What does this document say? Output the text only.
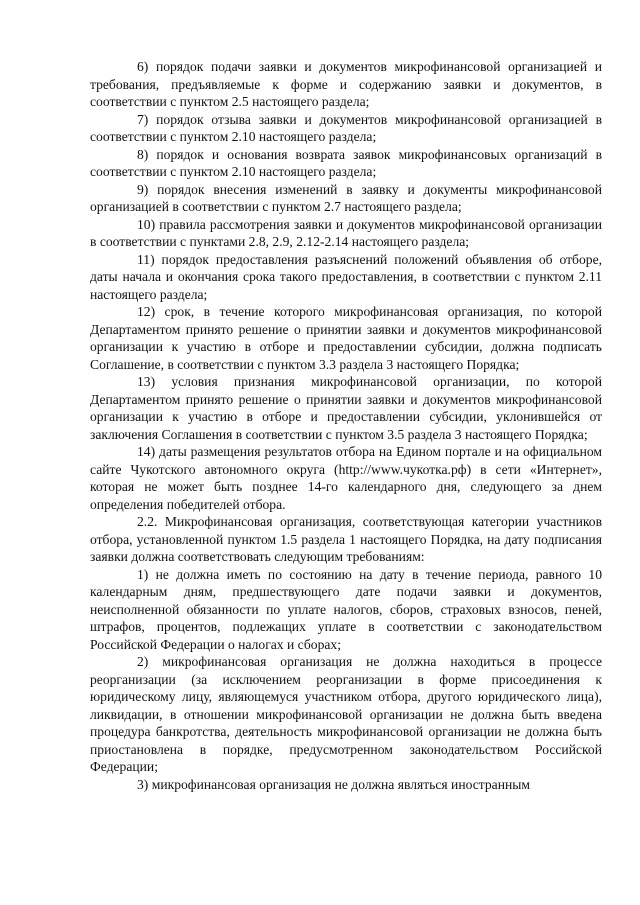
6) порядок подачи заявки и документов микрофинансовой организацией и требования, предъявляемые к форме и содержанию заявки и документов, в соответствии с пунктом 2.5 настоящего раздела;

7) порядок отзыва заявки и документов микрофинансовой организацией в соответствии с пунктом 2.10 настоящего раздела;

8) порядок и основания возврата заявок микрофинансовых организаций в соответствии с пунктом 2.10 настоящего раздела;

9) порядок внесения изменений в заявку и документы микрофинансовой организацией в соответствии с пунктом 2.7 настоящего раздела;

10) правила рассмотрения заявки и документов микрофинансовой организации в соответствии с пунктами 2.8, 2.9, 2.12-2.14 настоящего раздела;

11) порядок предоставления разъяснений положений объявления об отборе, даты начала и окончания срока такого предоставления, в соответствии с пунктом 2.11 настоящего раздела;

12) срок, в течение которого микрофинансовая организация, по которой Департаментом принято решение о принятии заявки и документов микрофинансовой организации к участию в отборе и предоставлении субсидии, должна подписать Соглашение, в соответствии с пунктом 3.3 раздела 3 настоящего Порядка;

13) условия признания микрофинансовой организации, по которой Департаментом принято решение о принятии заявки и документов микрофинансовой организации к участию в отборе и предоставлении субсидии, уклонившейся от заключения Соглашения в соответствии с пунктом 3.5 раздела 3 настоящего Порядка;

14) даты размещения результатов отбора на Едином портале и на официальном сайте Чукотского автономного округа (http://www.чукотка.рф) в сети «Интернет», которая не может быть позднее 14-го календарного дня, следующего за днем определения победителей отбора.

2.2. Микрофинансовая организация, соответствующая категории участников отбора, установленной пунктом 1.5 раздела 1 настоящего Порядка, на дату подписания заявки должна соответствовать следующим требованиям:

1) не должна иметь по состоянию на дату в течение периода, равного 10 календарным дням, предшествующего дате подачи заявки и документов, неисполненной обязанности по уплате налогов, сборов, страховых взносов, пеней, штрафов, процентов, подлежащих уплате в соответствии с законодательством Российской Федерации о налогах и сборах;

2) микрофинансовая организация не должна находиться в процессе реорганизации (за исключением реорганизации в форме присоединения к юридическому лицу, являющемуся участником отбора, другого юридического лица), ликвидации, в отношении микрофинансовой организации не должна быть введена процедура банкротства, деятельность микрофинансовой организации не должна быть приостановлена в порядке, предусмотренном законодательством Российской Федерации;

3) микрофинансовая организация не должна являться иностранным
